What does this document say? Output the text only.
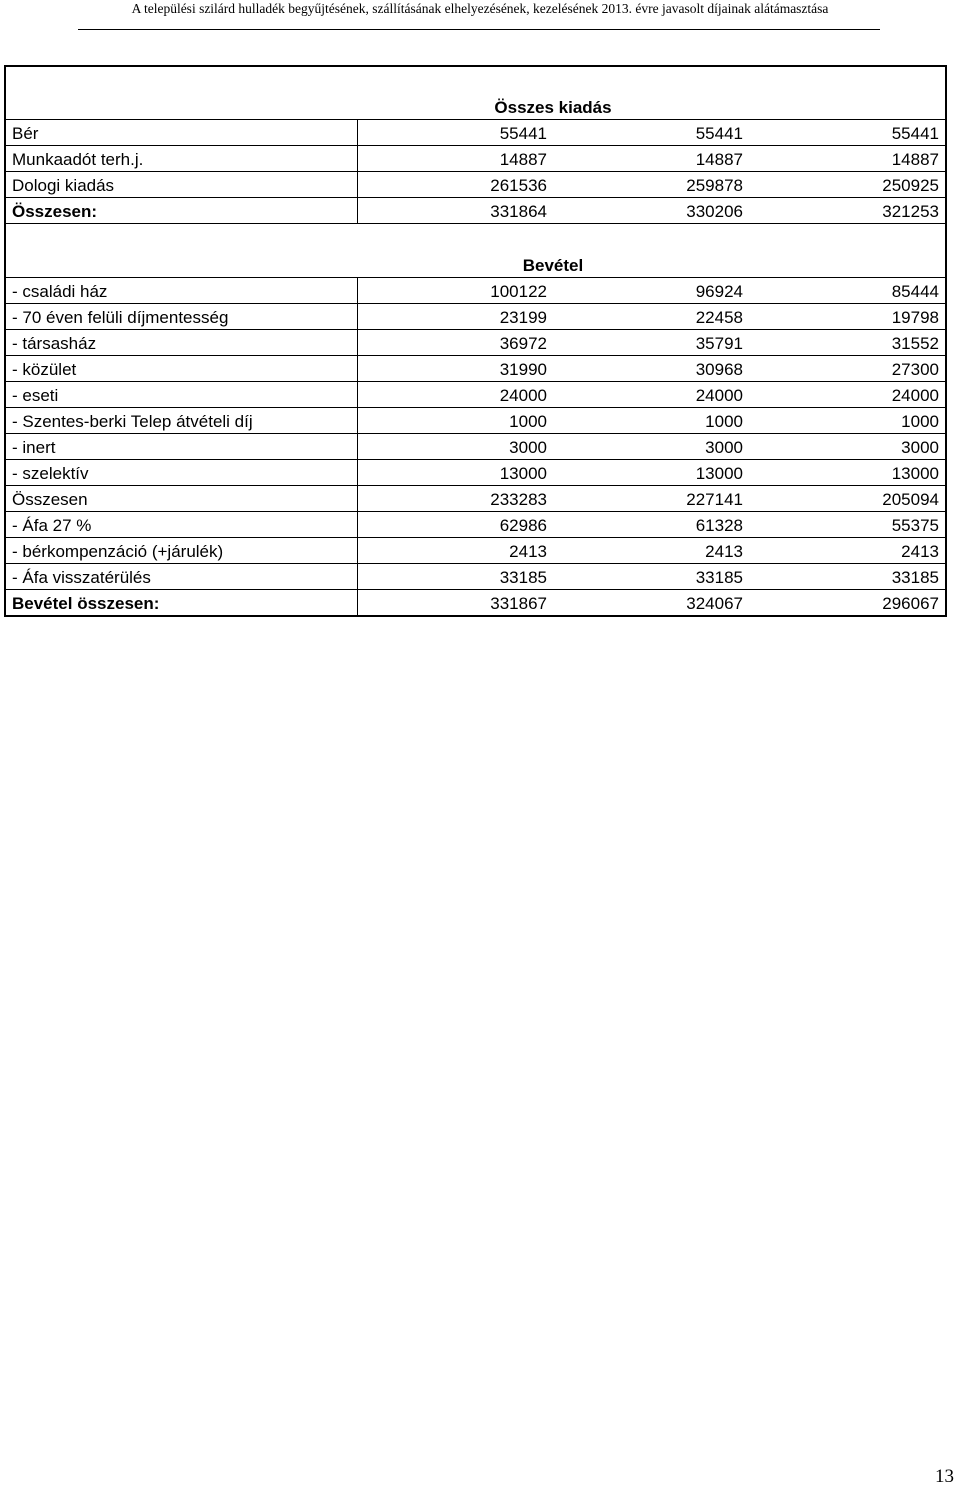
A települési szilárd hulladék begyűjtésének, szállításának elhelyezésének, kezelésének 2013. évre javasolt díjainak alátámasztása

	Összes kiadás		
Bér	55441	55441	55441
Munkaadót terh.j.	14887	14887	14887
Dologi kiadás	261536	259878	250925
Összesen:	331864	330206	321253

	Bevétel		
- családi ház	100122	96924	85444
- 70 éven felüli díjmentesség	23199	22458	19798
- társasház	36972	35791	31552
- közület	31990	30968	27300
- eseti	24000	24000	24000
- Szentes-berki Telep átvételi díj	1000	1000	1000
- inert	3000	3000	3000
- szelektív	13000	13000	13000
Összesen	233283	227141	205094
- Áfa 27 %	62986	61328	55375
- bérkompenzáció (+járulék)	2413	2413	2413
- Áfa visszatérülés	33185	33185	33185
Bevétel összesen:	331867	324067	296067
13
